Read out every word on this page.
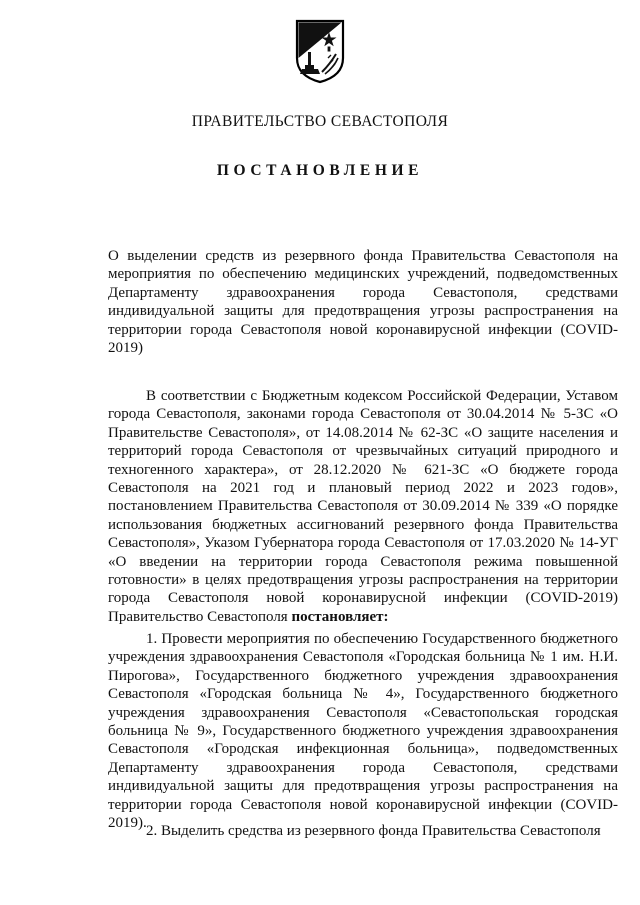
ПРАВИТЕЛЬСТВО СЕВАСТОПОЛЯ
ПОСТАНОВЛЕНИЕ

О выделении средств из резервного фонда Правительства Севастополя на мероприятия по обеспечению медицинских учреждений, подведомственных Департаменту здравоохранения города Севастополя, средствами индивидуальной защиты для предотвращения угрозы распространения на территории города Севастополя новой коронавирусной инфекции (COVID-2019)

В соответствии с Бюджетным кодексом Российской Федерации, Уставом города Севастополя, законами города Севастополя от 30.04.2014 № 5-ЗС «О Правительстве Севастополя», от 14.08.2014 № 62-ЗС «О защите населения и территорий города Севастополя от чрезвычайных ситуаций природного и техногенного характера», от 28.12.2020 № 621-ЗС «О бюджете города Севастополя на 2021 год и плановый период 2022 и 2023 годов», постановлением Правительства Севастополя от 30.09.2014 № 339 «О порядке использования бюджетных ассигнований резервного фонда Правительства Севастополя», Указом Губернатора города Севастополя от 17.03.2020 № 14-УГ «О введении на территории города Севастополя режима повышенной готовности» в целях предотвращения угрозы распространения на территории города Севастополя новой коронавирусной инфекции (COVID-2019) Правительство Севастополя постановляет:

1. Провести мероприятия по обеспечению Государственного бюджетного учреждения здравоохранения Севастополя «Городская больница № 1 им. Н.И. Пирогова», Государственного бюджетного учреждения здравоохранения Севастополя «Городская больница № 4», Государственного бюджетного учреждения здравоохранения Севастополя «Севастопольская городская больница № 9», Государственного бюджетного учреждения здравоохранения Севастополя «Городская инфекционная больница», подведомственных Департаменту здравоохранения города Севастополя, средствами индивидуальной защиты для предотвращения угрозы распространения на территории города Севастополя новой коронавирусной инфекции (COVID-2019). 2. Выделить средства из резервного фонда Правительства Севастополя
